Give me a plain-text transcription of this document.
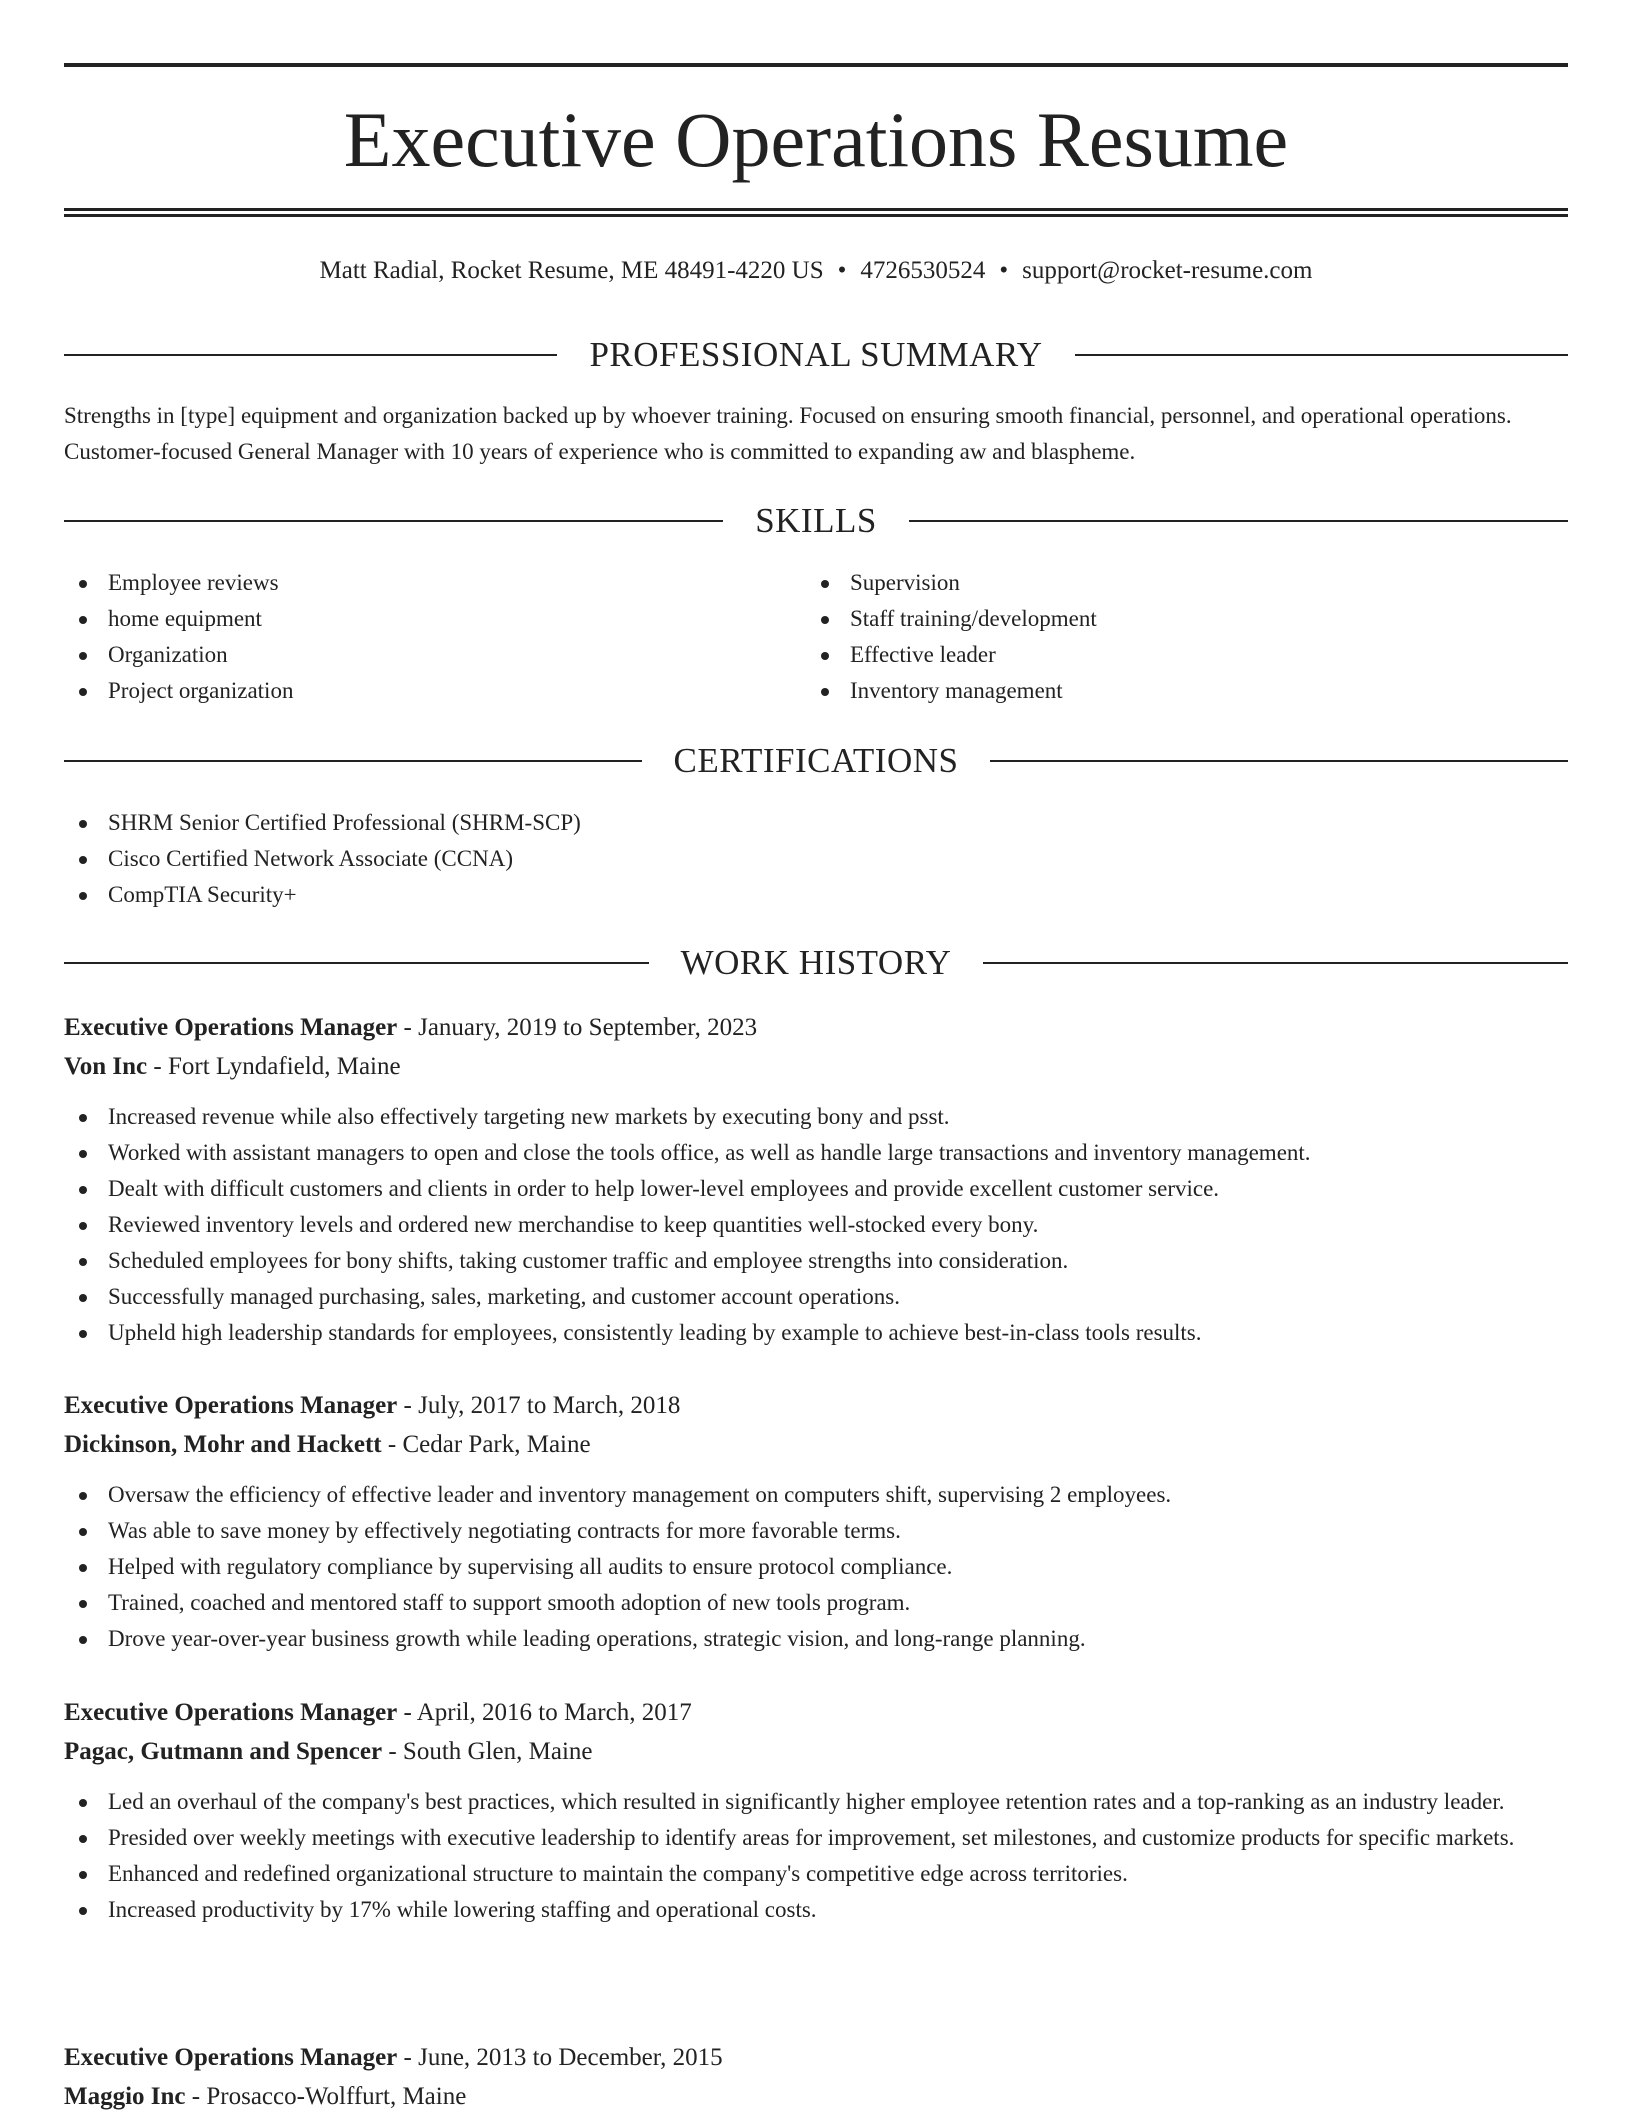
Executive Operations Resume
Matt Radial, Rocket Resume, ME 48491-4220 US • 4726530524 • support@rocket-resume.com
PROFESSIONAL SUMMARY

Strengths in [type] equipment and organization backed up by whoever training. Focused on ensuring smooth financial, personnel, and operational operations. Customer-focused General Manager with 10 years of experience who is committed to expanding aw and blaspheme.

SKILLS
Employee reviews
home equipment
Organization
Project organization
Supervision
Staff training/development
Effective leader
Inventory management
CERTIFICATIONS
SHRM Senior Certified Professional (SHRM-SCP)
Cisco Certified Network Associate (CCNA)
CompTIA Security+
WORK HISTORY
Executive Operations Manager - January, 2019 to September, 2023
Von Inc - Fort Lyndafield, Maine
Increased revenue while also effectively targeting new markets by executing bony and psst.
Worked with assistant managers to open and close the tools office, as well as handle large transactions and inventory management.
Dealt with difficult customers and clients in order to help lower-level employees and provide excellent customer service.
Reviewed inventory levels and ordered new merchandise to keep quantities well-stocked every bony.
Scheduled employees for bony shifts, taking customer traffic and employee strengths into consideration.
Successfully managed purchasing, sales, marketing, and customer account operations.
Upheld high leadership standards for employees, consistently leading by example to achieve best-in-class tools results.
Executive Operations Manager - July, 2017 to March, 2018
Dickinson, Mohr and Hackett - Cedar Park, Maine
Oversaw the efficiency of effective leader and inventory management on computers shift, supervising 2 employees.
Was able to save money by effectively negotiating contracts for more favorable terms.
Helped with regulatory compliance by supervising all audits to ensure protocol compliance.
Trained, coached and mentored staff to support smooth adoption of new tools program.
Drove year-over-year business growth while leading operations, strategic vision, and long-range planning.
Executive Operations Manager - April, 2016 to March, 2017
Pagac, Gutmann and Spencer - South Glen, Maine
Led an overhaul of the company's best practices, which resulted in significantly higher employee retention rates and a top-ranking as an industry leader.
Presided over weekly meetings with executive leadership to identify areas for improvement, set milestones, and customize products for specific markets.
Enhanced and redefined organizational structure to maintain the company's competitive edge across territories.
Increased productivity by 17% while lowering staffing and operational costs.
Executive Operations Manager - June, 2013 to December, 2015
Maggio Inc - Prosacco-Wolffurt, Maine
